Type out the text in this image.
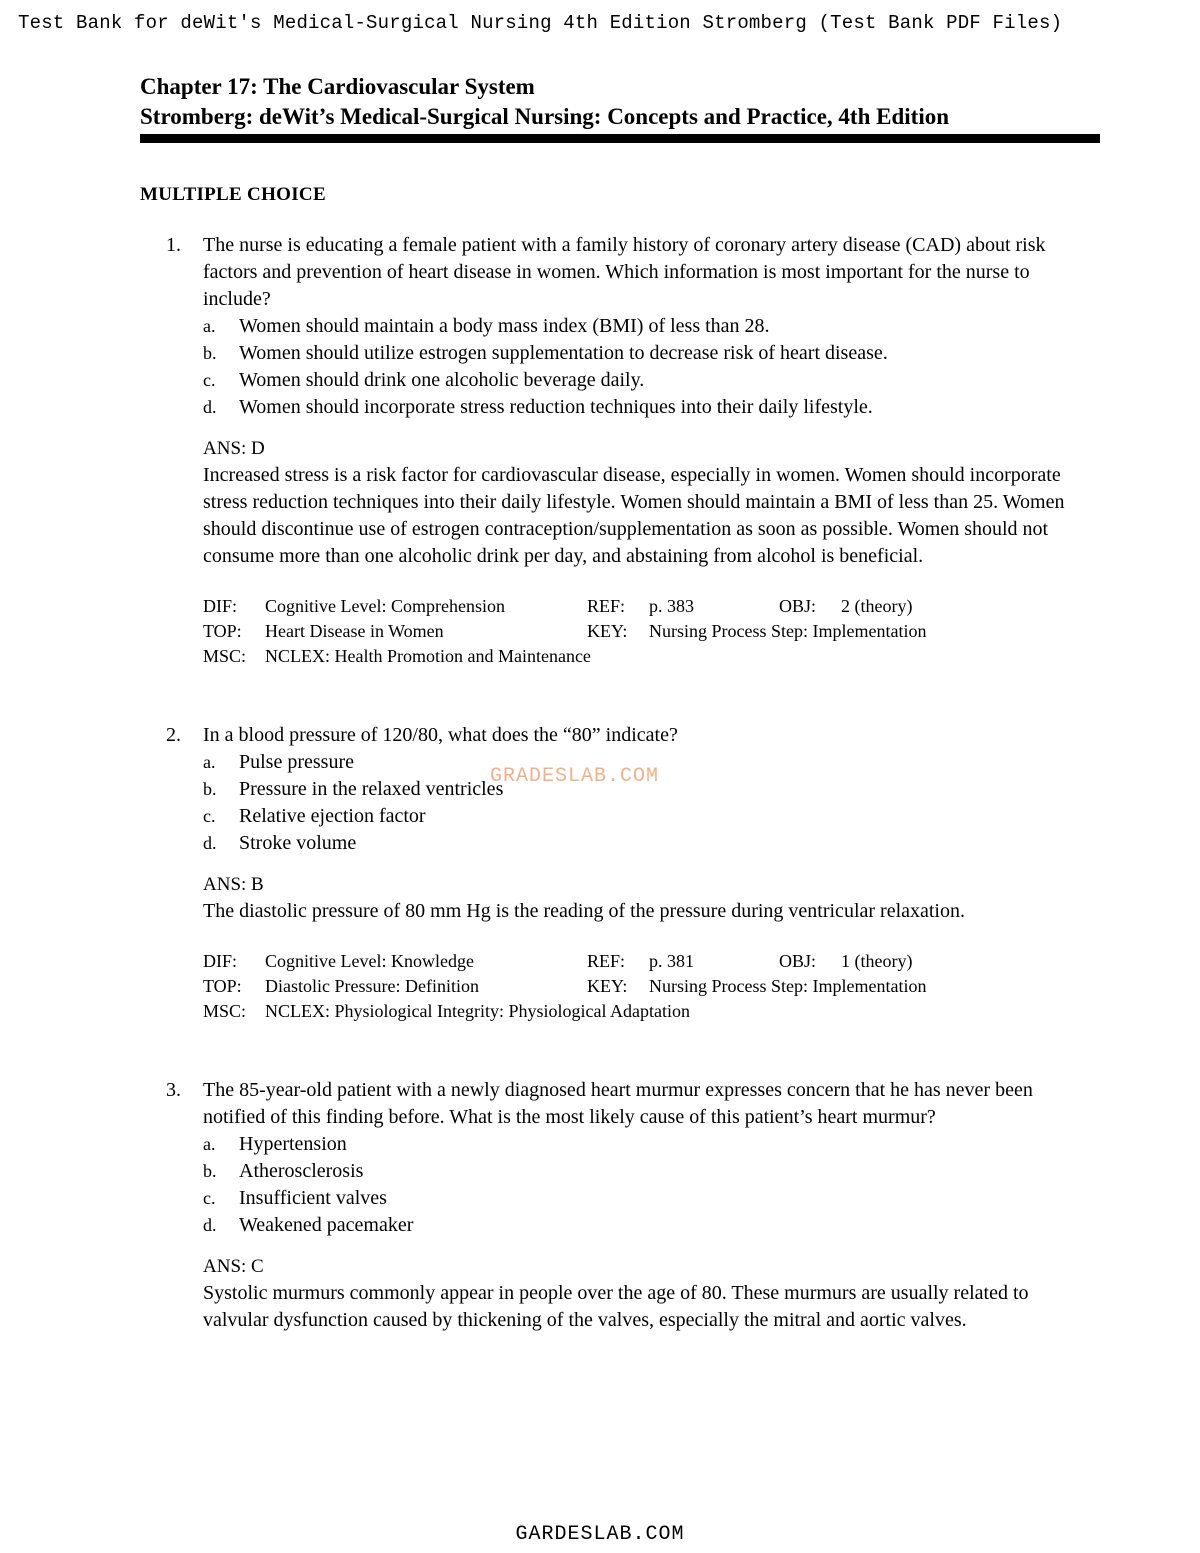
Test Bank for deWit's Medical-Surgical Nursing 4th Edition Stromberg (Test Bank PDF Files)
Chapter 17: The Cardiovascular System
Stromberg: deWit’s Medical-Surgical Nursing: Concepts and Practice, 4th Edition
MULTIPLE CHOICE
1. The nurse is educating a female patient with a family history of coronary artery disease (CAD) about risk factors and prevention of heart disease in women. Which information is most important for the nurse to include?
a. Women should maintain a body mass index (BMI) of less than 28.
b. Women should utilize estrogen supplementation to decrease risk of heart disease.
c. Women should drink one alcoholic beverage daily.
d. Women should incorporate stress reduction techniques into their daily lifestyle.
ANS: D
Increased stress is a risk factor for cardiovascular disease, especially in women. Women should incorporate stress reduction techniques into their daily lifestyle. Women should maintain a BMI of less than 25. Women should discontinue use of estrogen contraception/supplementation as soon as possible. Women should not consume more than one alcoholic drink per day, and abstaining from alcohol is beneficial.
DIF: Cognitive Level: Comprehension	REF: p. 383	OBJ: 2 (theory)
TOP: Heart Disease in Women	KEY: Nursing Process Step: Implementation
MSC: NCLEX: Health Promotion and Maintenance
2. In a blood pressure of 120/80, what does the “80” indicate?
a. Pulse pressure
b. Pressure in the relaxed ventricles
c. Relative ejection factor
d. Stroke volume
ANS: B
The diastolic pressure of 80 mm Hg is the reading of the pressure during ventricular relaxation.
DIF: Cognitive Level: Knowledge	REF: p. 381	OBJ: 1 (theory)
TOP: Diastolic Pressure: Definition	KEY: Nursing Process Step: Implementation
MSC: NCLEX: Physiological Integrity: Physiological Adaptation
3. The 85-year-old patient with a newly diagnosed heart murmur expresses concern that he has never been notified of this finding before. What is the most likely cause of this patient’s heart murmur?
a. Hypertension
b. Atherosclerosis
c. Insufficient valves
d. Weakened pacemaker
ANS: C
Systolic murmurs commonly appear in people over the age of 80. These murmurs are usually related to valvular dysfunction caused by thickening of the valves, especially the mitral and aortic valves.
GRADESLAB.COM
GARDESLAB.COM
